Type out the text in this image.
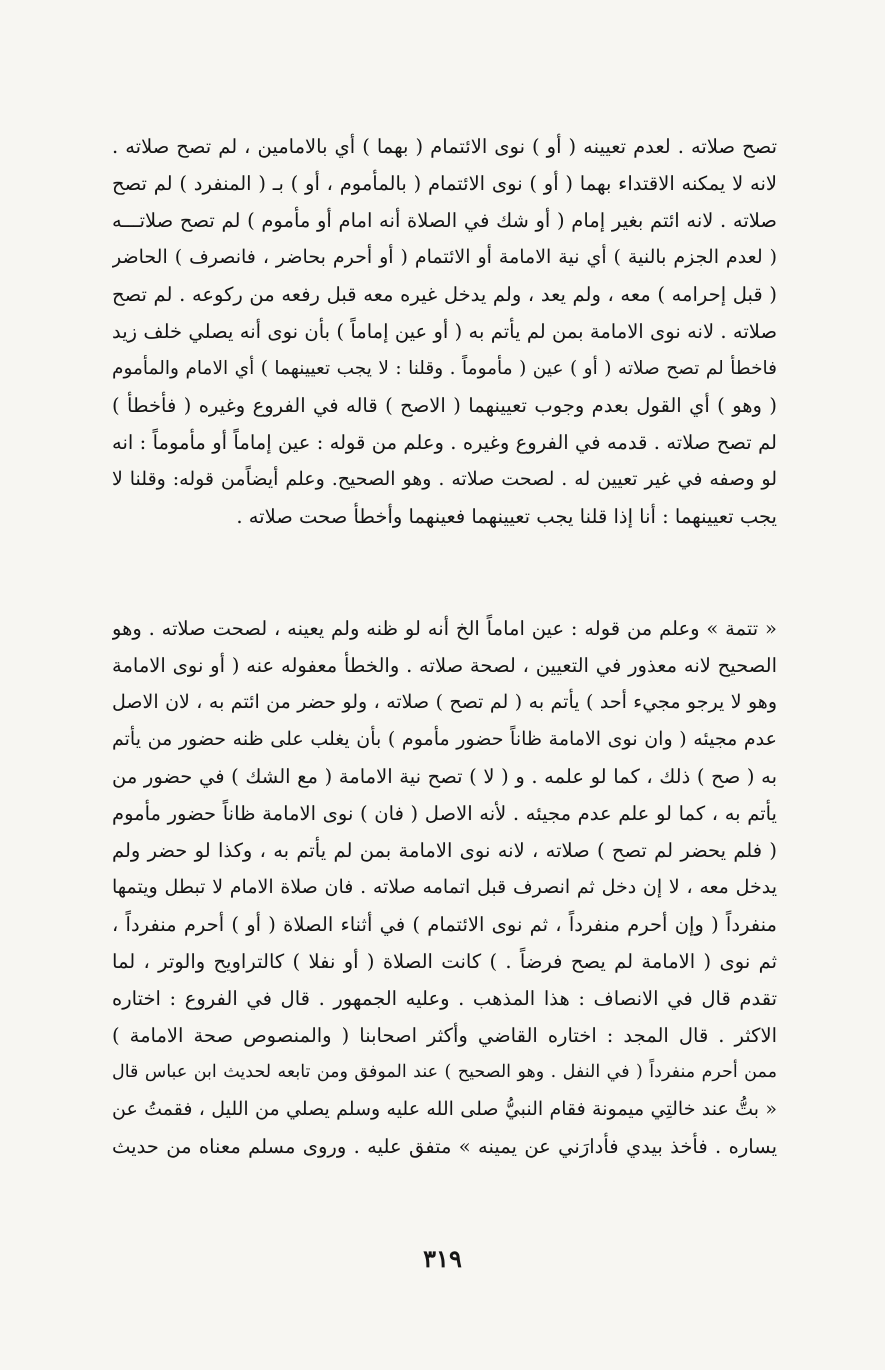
تصح صلاته . لعدم تعيينه ( أو ) نوى الائتمام ( بهما ) أي بالامامين ، لم تصح صلاته .
لانه لا يمكنه الاقتداء بهما ( أو ) نوى الائتمام ( بالمأموم ، أو ) بـ ( المنفرد ) لم تصح
صلاته . لانه ائتم بغير إمام ( أو شك في الصلاة أنه امام أو مأموم ) لم تصح صلاتـــه
( لعدم الجزم بالنية ) أي نية الامامة أو الائتمام ( أو أحرم بحاضر ، فانصرف ) الحاضر
( قبل إحرامه ) معه ، ولم يعد ، ولم يدخل غيره معه قبل رفعه من ركوعه . لم تصح
صلاته . لانه نوى الامامة بمن لم يأتم به ( أو عين إماماً ) بأن نوى أنه يصلي خلف زيد
فاخطأ لم تصح صلاته ( أو ) عين ( مأموماً . وقلنا : لا يجب تعيينهما ) أي الامام والمأموم
( وهو ) أي القول بعدم وجوب تعيينهما ( الاصح ) قاله في الفروع وغيره ( فأخطأ )
لم تصح صلاته . قدمه في الفروع وغيره . وعلم من قوله : عين إماماً أو مأموماً : انه
لو وصفه في غير تعيين له . لصحت صلاته . وهو الصحيح. وعلم أيضاًمن قوله: وقلنا لا
يجب تعيينهما : أنا إذا قلنا يجب تعيينهما فعينهما وأخطأ صحت صلاته .
« تتمة » وعلم من قوله : عين اماماً الخ أنه لو ظنه ولم يعينه ، لصحت صلاته . وهو
الصحيح لانه معذور في التعيين ، لصحة صلاته . والخطأ معفوله عنه ( أو نوى الامامة
وهو لا يرجو مجيء أحد ) يأتم به ( لم تصح ) صلاته ، ولو حضر من ائتم به ، لان الاصل
عدم مجيئه ( وان نوى الامامة ظاناً حضور مأموم ) بأن يغلب على ظنه حضور من يأتم
به ( صح ) ذلك ، كما لو علمه . و ( لا ) تصح نية الامامة ( مع الشك ) في حضور من
يأتم به ، كما لو علم عدم مجيئه . لأنه الاصل ( فان ) نوى الامامة ظاناً حضور مأموم
( فلم يحضر لم تصح ) صلاته ، لانه نوى الامامة بمن لم يأتم به ، وكذا لو حضر ولم
يدخل معه ، لا إن دخل ثم انصرف قبل اتمامه صلاته . فان صلاة الامام لا تبطل ويتمها
منفرداً ( وإن أحرم منفرداً ، ثم نوى الائتمام ) في أثناء الصلاة ( أو ) أحرم منفرداً ،
ثم نوى ( الامامة لم يصح فرضاً . ) كانت الصلاة ( أو نفلا ) كالتراويح والوتر ، لما
تقدم قال في الانصاف : هذا المذهب . وعليه الجمهور . قال في الفروع : اختاره
الاكثر . قال المجد : اختاره القاضي وأكثر اصحابنا ( والمنصوص صحة الامامة )
ممن أحرم منفرداً ( في النفل . وهو الصحيح ) عند الموفق ومن تابعه لحديث ابن عباس قال
« بتُّ عند خالتِي ميمونة فقام النبيُّ صلى الله عليه وسلم يصلي من الليل ، فقمتُ عن
يساره . فأخذ بيدي فأدارَني عن يمينه » متفق عليه . وروى مسلم معناه من حديث
٣١٩
